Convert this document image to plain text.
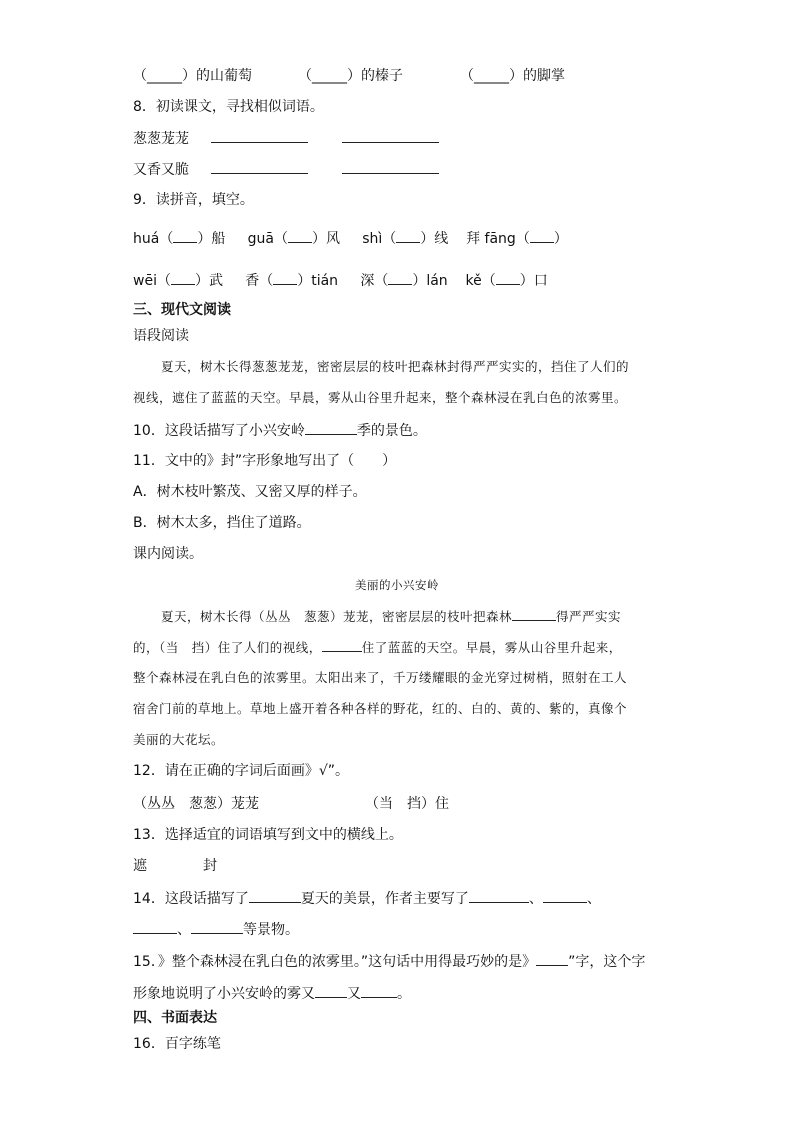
（_____）的山葡萄	（_____）的榛子	（_____）的脚掌
8．初读课文，寻找相似词语。
葱葱茏茏
又香又脆
9．读拼音，填空。
huá（ ）船 guā（ ）风 shì（ ）线 拜 fāng（ ）
wēi（ ）武 香（ ）tián 深（ ）lán kě（ ）口
三、现代文阅读
语段阅读
夏天，树木长得葱葱茏茏，密密层层的枝叶把森林封得严严实实的，挡住了人们的
视线，遮住了蓝蓝的天空。早晨，雾从山谷里升起来，整个森林浸在乳白色的浓雾里。
10．这段话描写了小兴安岭	季的景色。
11．文中的》封”字形象地写出了（　　）
A．树木枝叶繁茂、又密又厚的样子。
B．树木太多，挡住了道路。
课内阅读。
美丽的小兴安岭
夏天，树木长得（丛丛　葱葱）茏茏，密密层层的枝叶把森林	得严严实实
的，（当　挡）住了人们的视线，	住了蓝蓝的天空。早晨，雾从山谷里升起来，
整个森林浸在乳白色的浓雾里。太阳出来了，千万缕耀眼的金光穿过树梢，照射在工人
宿舍门前的草地上。草地上盛开着各种各样的野花，红的、白的、黄的、紫的，真像个
美丽的大花坛。
12．请在正确的字词后面画》√”。
（丛丛　葱葱）茏茏	（当　挡）住
13．选择适宜的词语填写到文中的横线上。
遮	封
14．这段话描写了	夏天的美景，作者主要写了	、	、
、	等景物。
15．》整个森林浸在乳白色的浓雾里。”这句话中用得最巧妙的是》 ”字，这个字
形象地说明了小兴安岭的雾又 又	。
四、书面表达
16．百字练笔
